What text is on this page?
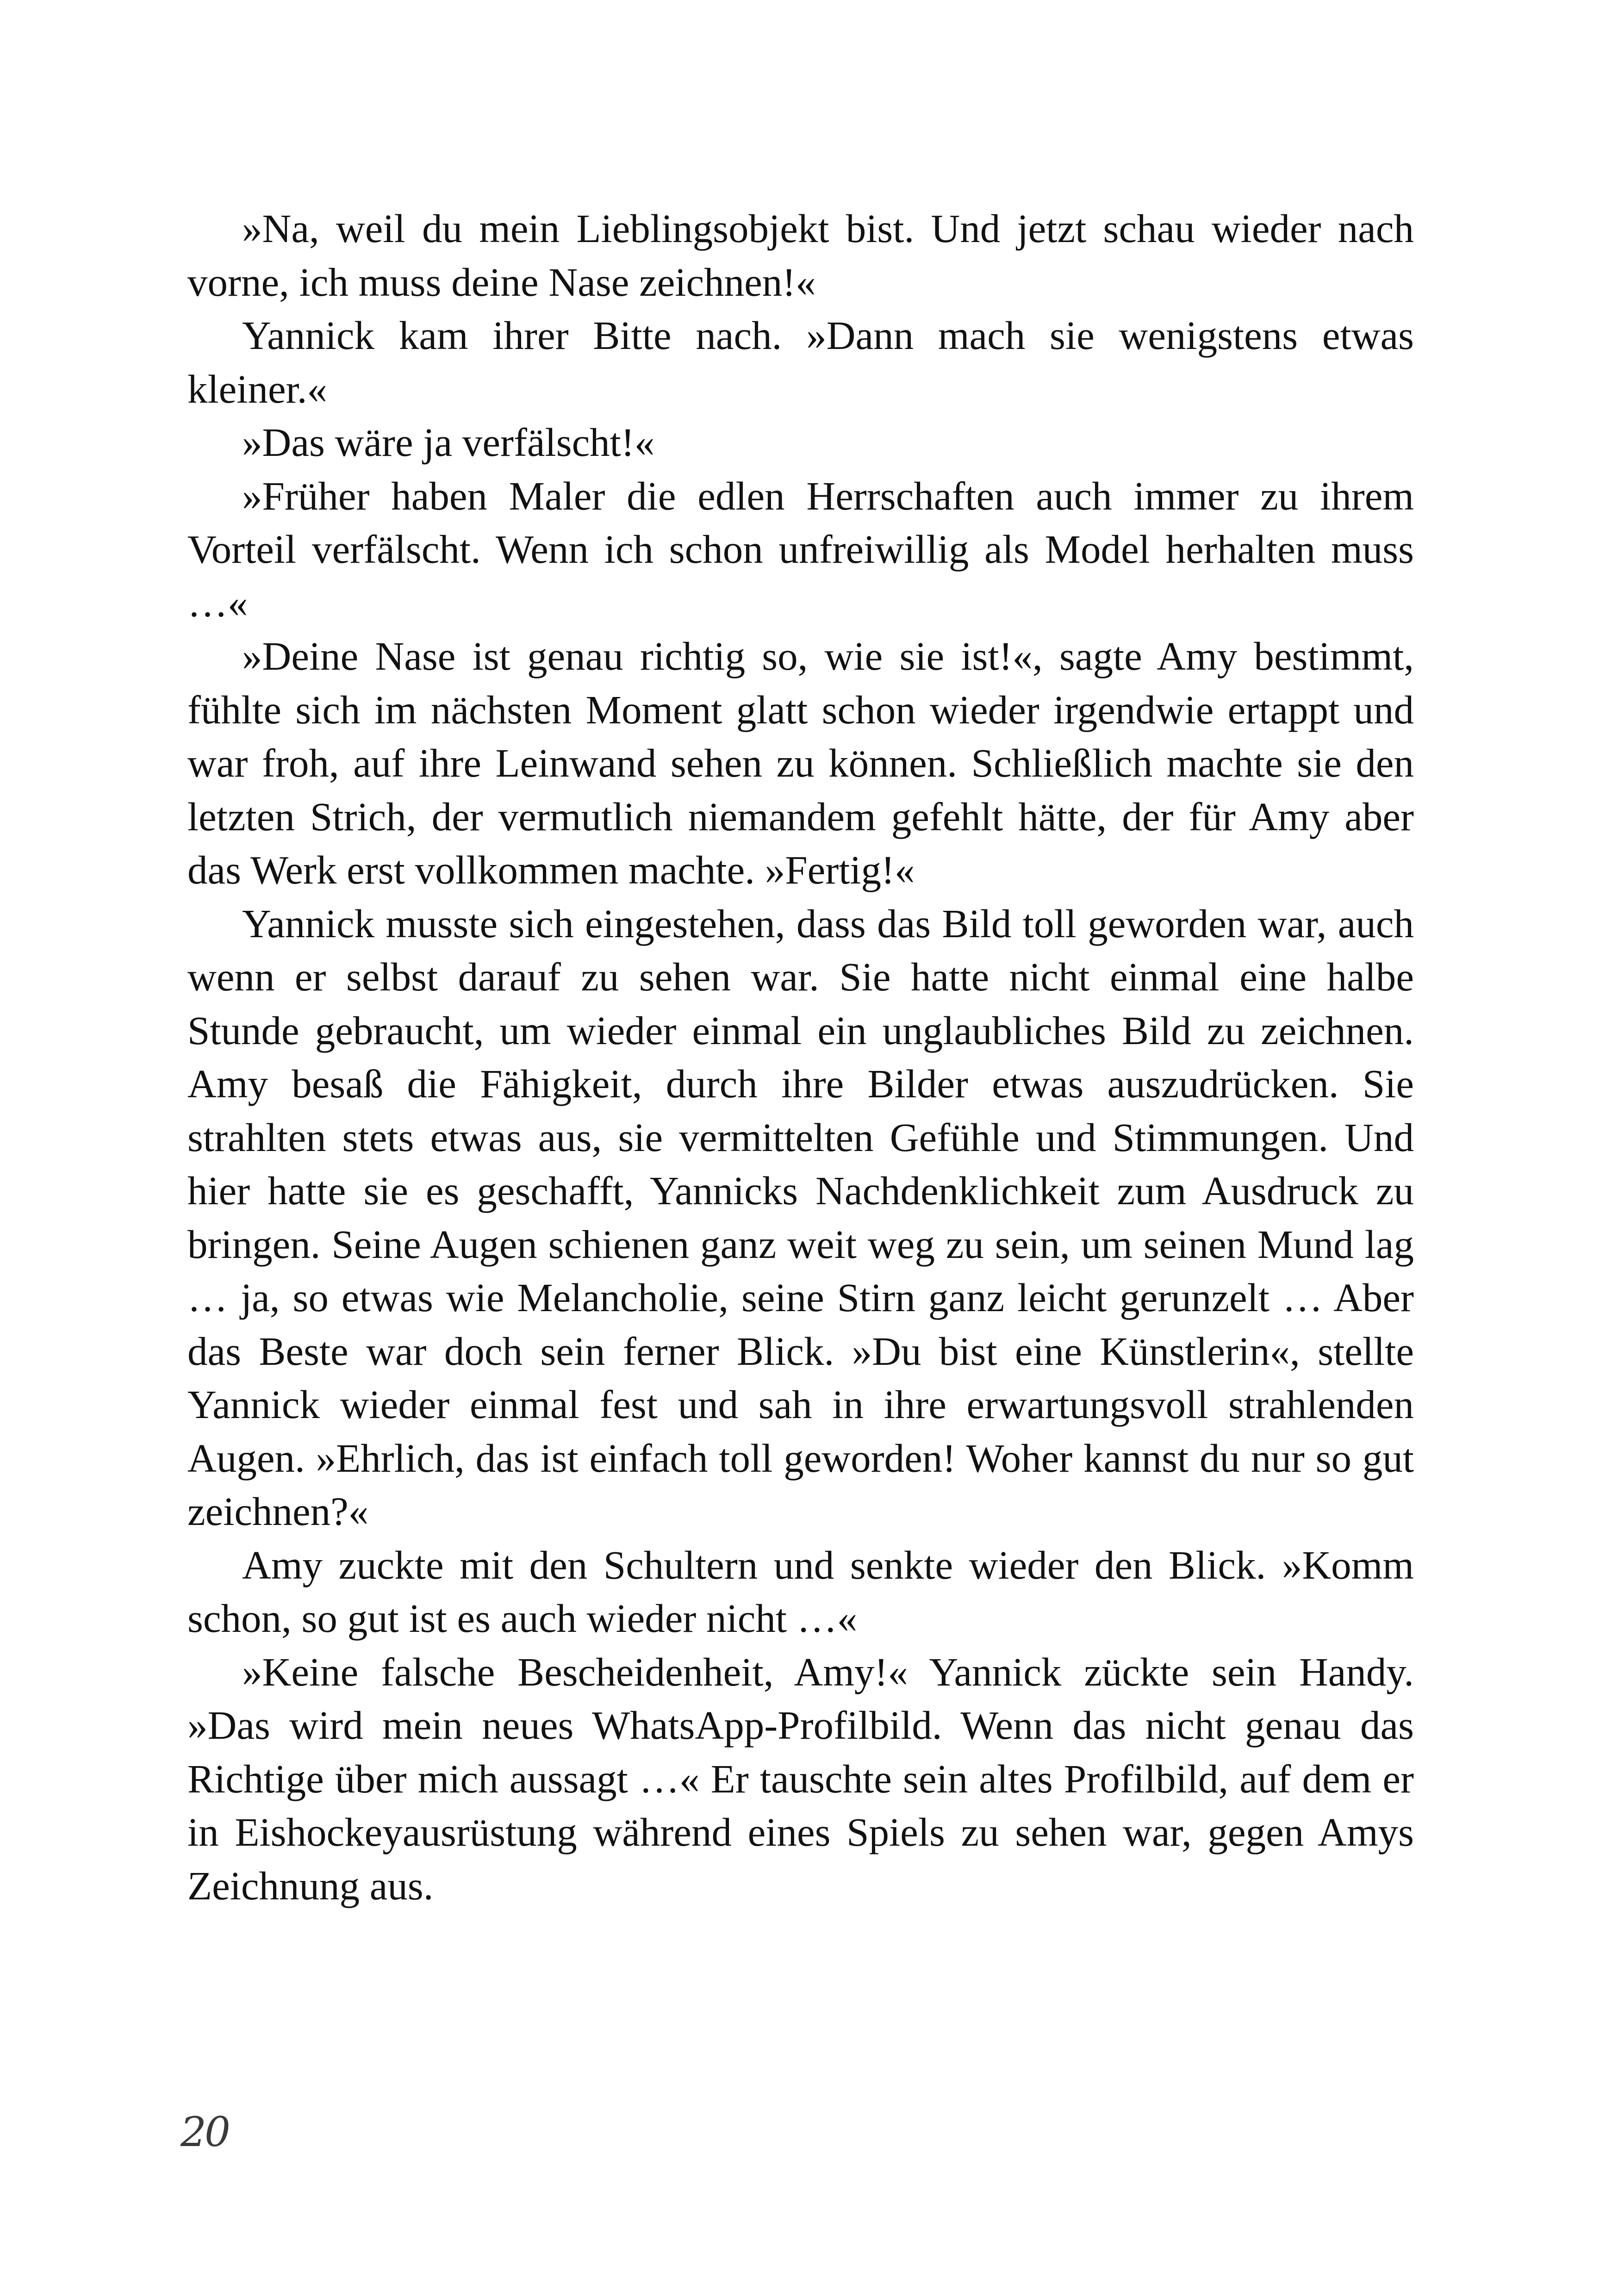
»Na, weil du mein Lieblingsobjekt bist. Und jetzt schau wieder nach vorne, ich muss deine Nase zeichnen!«

Yannick kam ihrer Bitte nach. »Dann mach sie wenigstens etwas kleiner.«

»Das wäre ja verfälscht!«

»Früher haben Maler die edlen Herrschaften auch immer zu ihrem Vorteil verfälscht. Wenn ich schon unfreiwillig als Model herhalten muss …«

»Deine Nase ist genau richtig so, wie sie ist!«, sagte Amy bestimmt, fühlte sich im nächsten Moment glatt schon wieder irgendwie ertappt und war froh, auf ihre Leinwand sehen zu können. Schließlich machte sie den letzten Strich, der vermutlich niemandem gefehlt hätte, der für Amy aber das Werk erst vollkommen machte. »Fertig!«

Yannick musste sich eingestehen, dass das Bild toll geworden war, auch wenn er selbst darauf zu sehen war. Sie hatte nicht einmal eine halbe Stunde gebraucht, um wieder einmal ein unglaubliches Bild zu zeichnen. Amy besaß die Fähigkeit, durch ihre Bilder etwas auszudrücken. Sie strahlten stets etwas aus, sie vermittelten Gefühle und Stimmungen. Und hier hatte sie es geschafft, Yannicks Nachdenklichkeit zum Ausdruck zu bringen. Seine Augen schienen ganz weit weg zu sein, um seinen Mund lag … ja, so etwas wie Melancholie, seine Stirn ganz leicht gerunzelt … Aber das Beste war doch sein ferner Blick. »Du bist eine Künstlerin«, stellte Yannick wieder einmal fest und sah in ihre erwartungsvoll strahlenden Augen. »Ehrlich, das ist einfach toll geworden! Woher kannst du nur so gut zeichnen?«

Amy zuckte mit den Schultern und senkte wieder den Blick. »Komm schon, so gut ist es auch wieder nicht …«

»Keine falsche Bescheidenheit, Amy!« Yannick zückte sein Handy. »Das wird mein neues WhatsApp-Profilbild. Wenn das nicht genau das Richtige über mich aussagt …« Er tauschte sein altes Profilbild, auf dem er in Eishockeyausrüstung während eines Spiels zu sehen war, gegen Amys Zeichnung aus.

20
